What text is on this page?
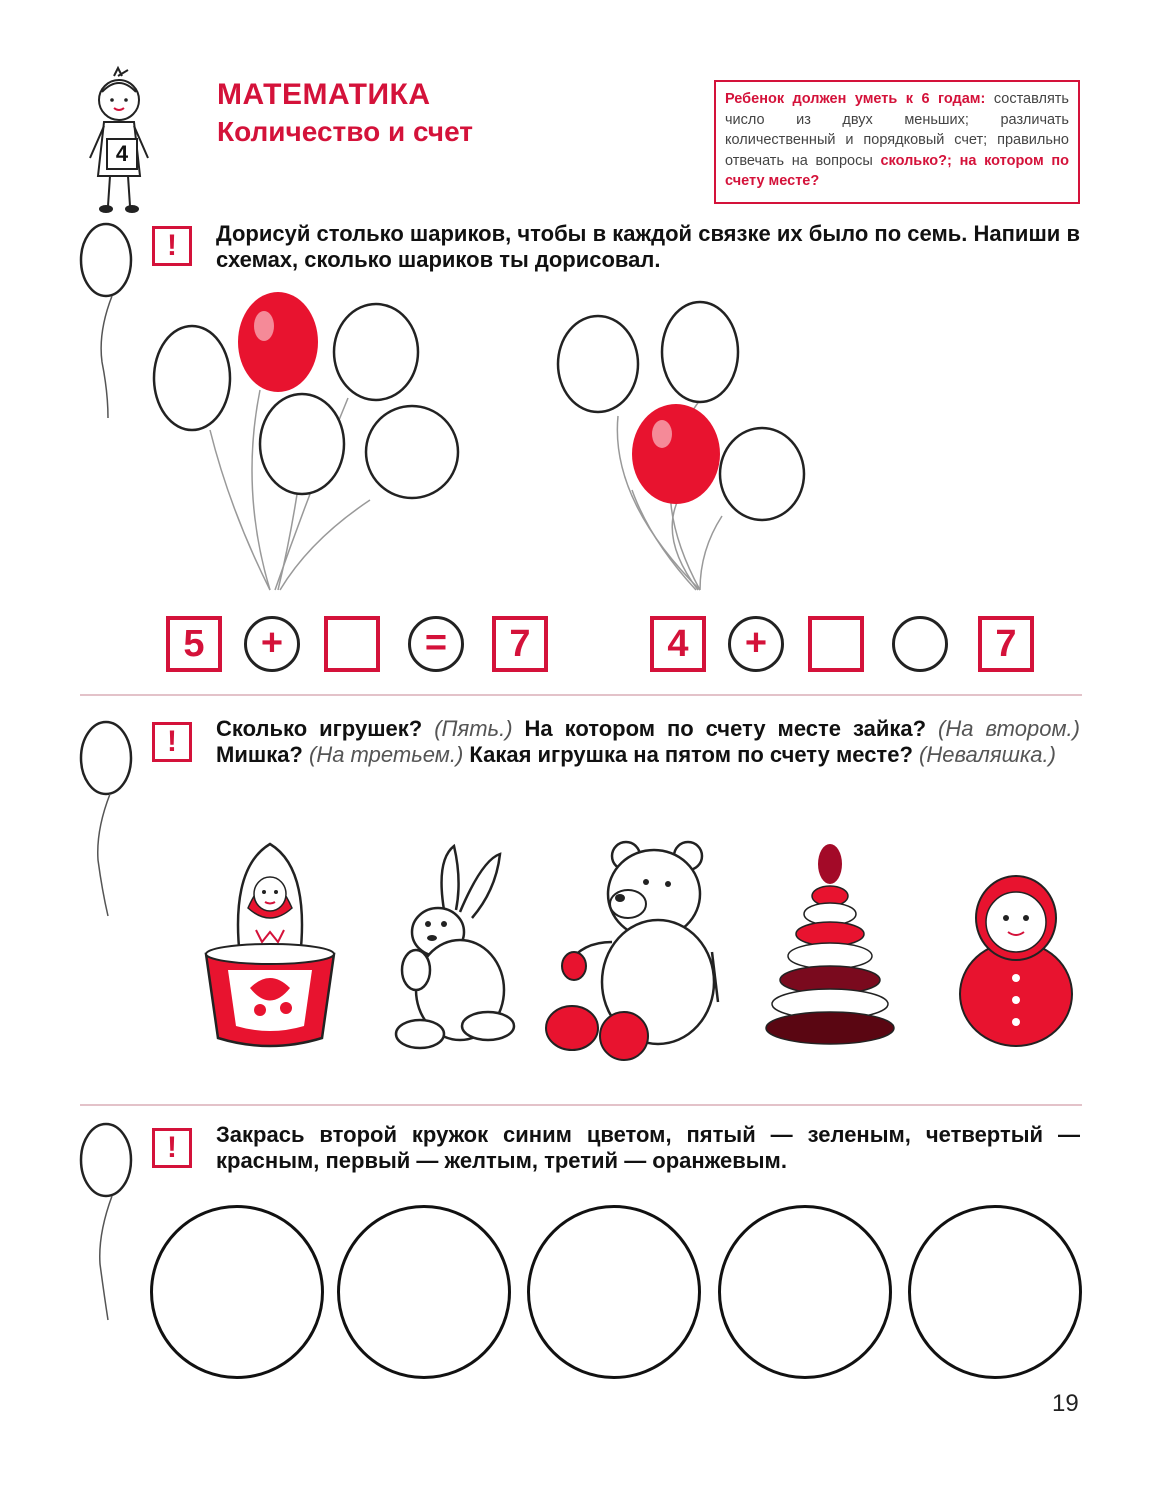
4
МАТЕМАТИКА
Количество и счет
Ребенок должен уметь к 6 годам: составлять число из двух меньших; различать количественный и порядковый счет; правильно отвечать на вопросы сколько?; на котором по счету месте?
!	Дорисуй столько шариков, чтобы в каждой связке их было по семь. Напиши в схемах, сколько шариков ты дорисовал.
5	+	=	7	4	+	7
!	Сколько игрушек? (Пять.) На котором по счету месте зайка? (На втором.) Мишка? (На третьем.) Какая игрушка на пятом по счету месте? (Неваляшка.)
!	Закрась второй кружок синим цветом, пятый — зеленым, четвертый — красным, первый — желтым, третий — оранжевым.
19
